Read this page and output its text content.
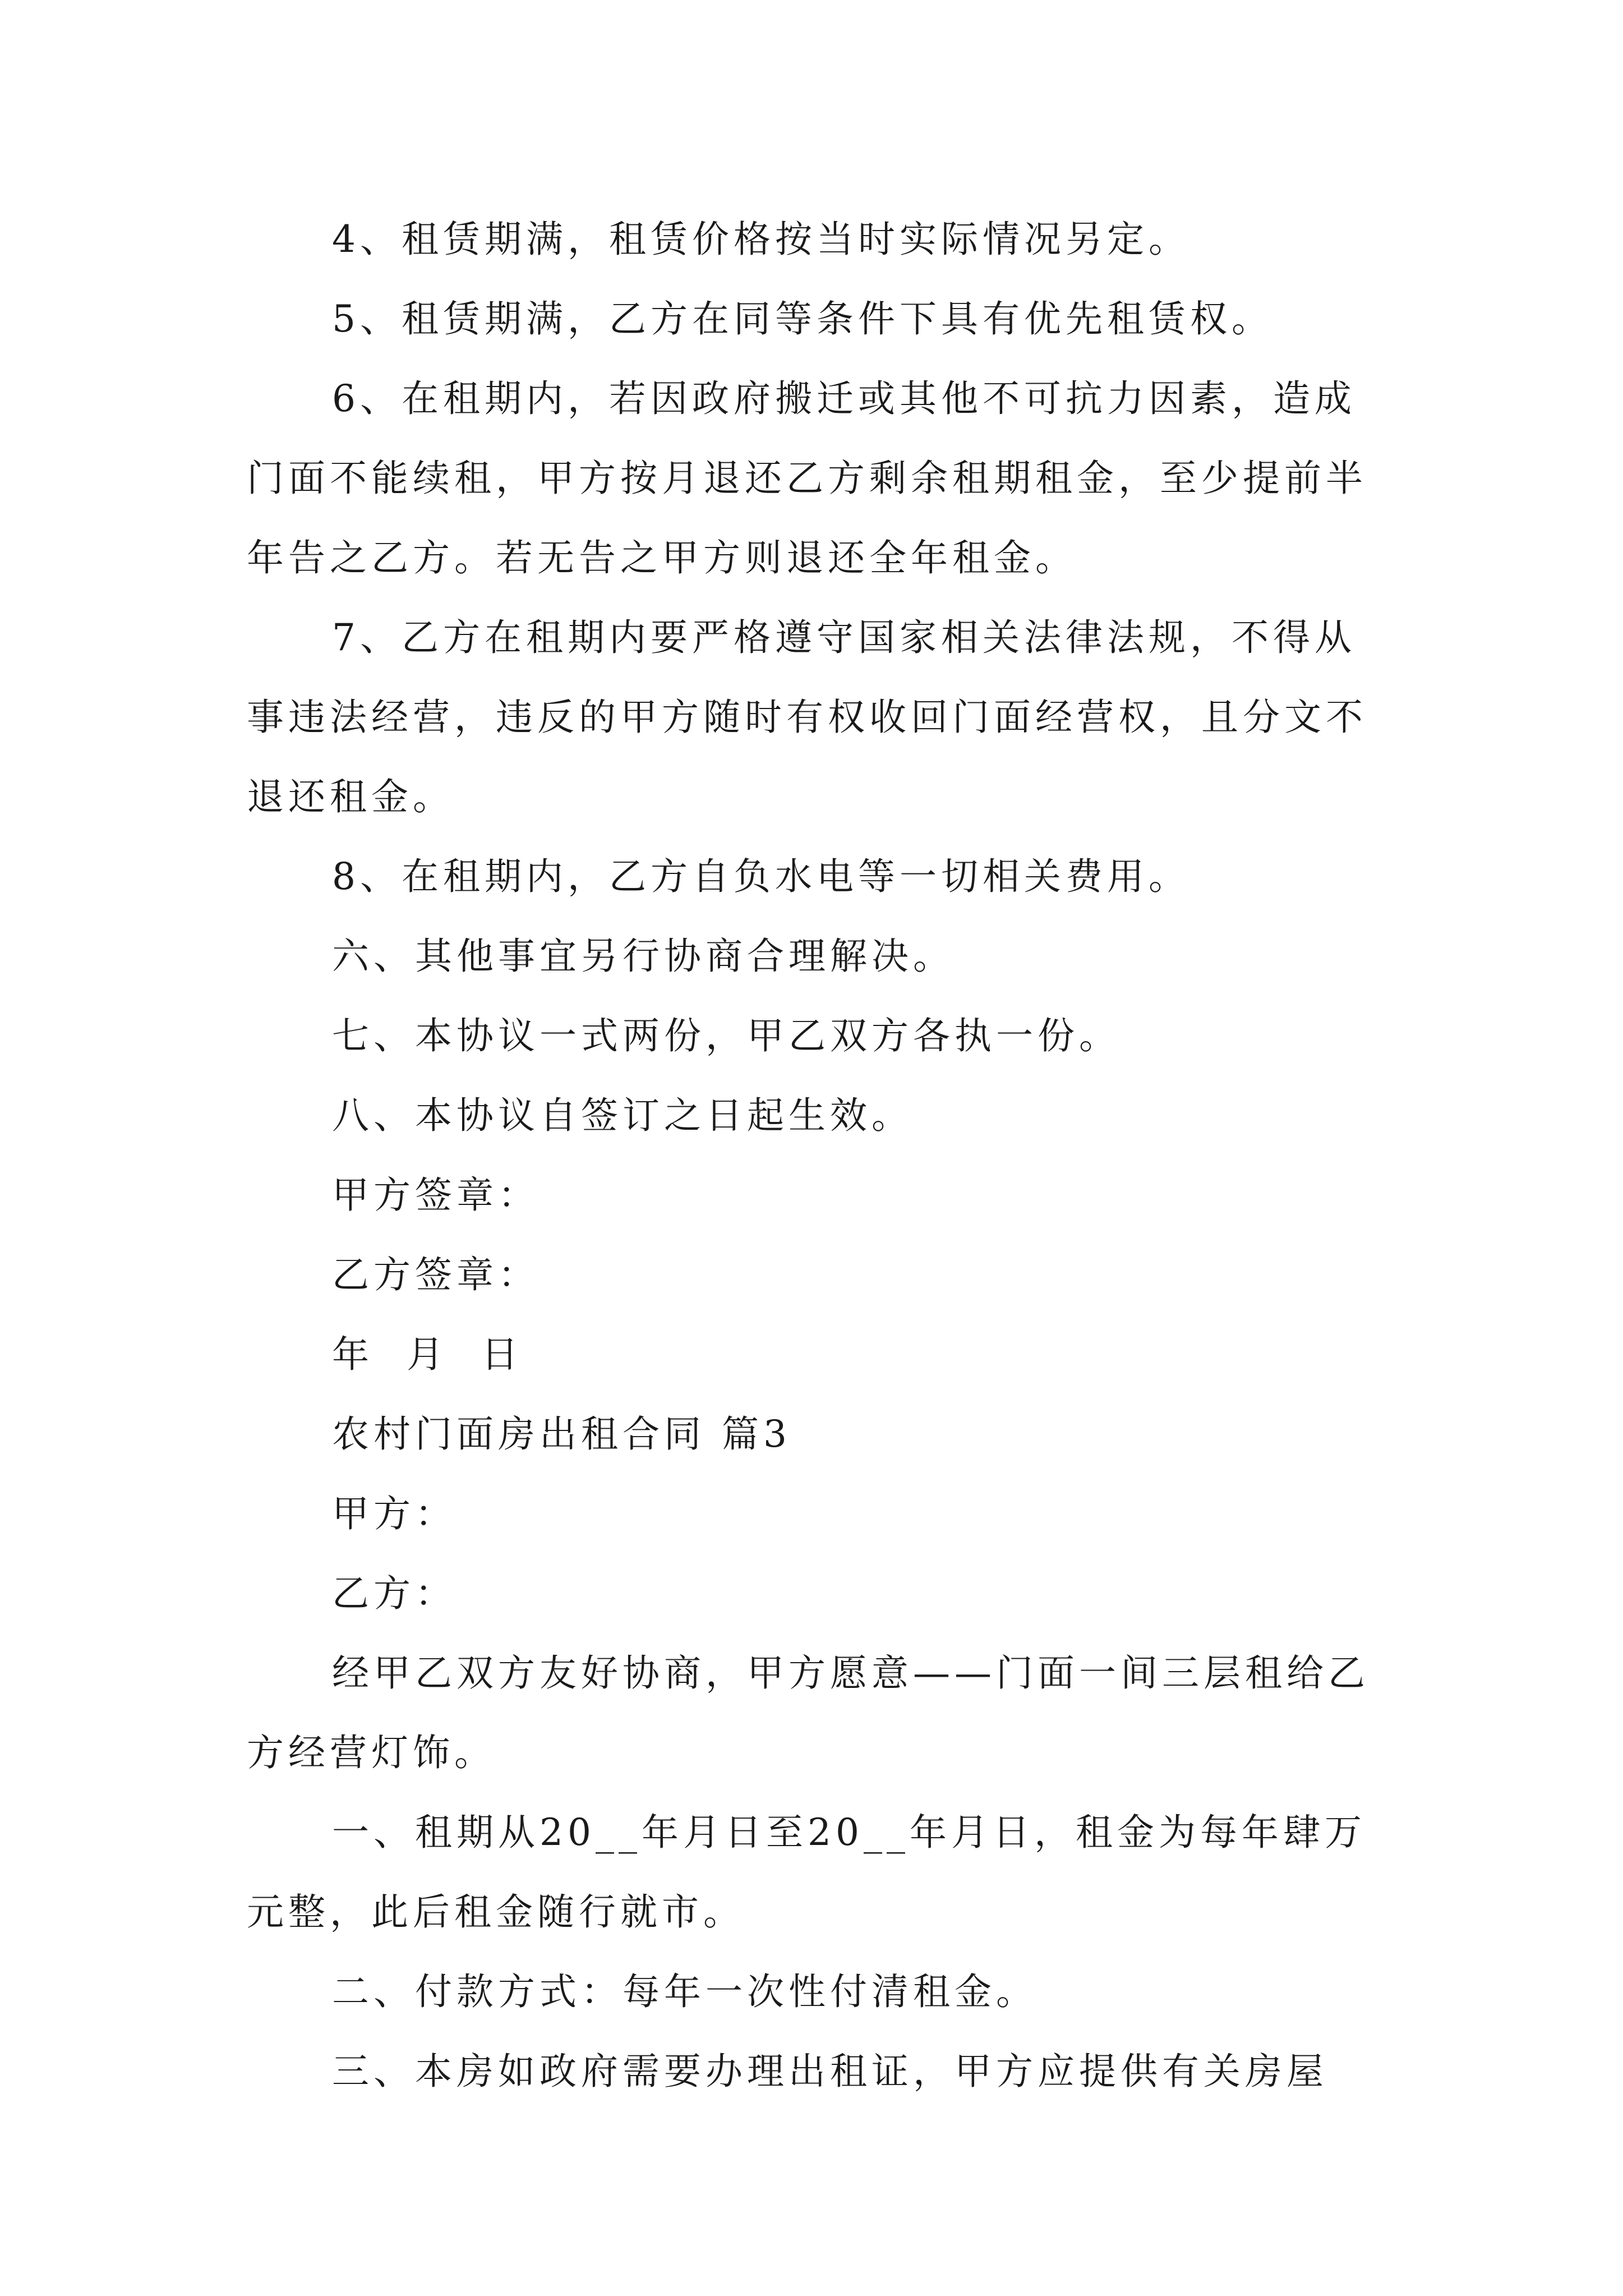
4、租赁期满，租赁价格按当时实际情况另定。

5、租赁期满，乙方在同等条件下具有优先租赁权。

6、在租期内，若因政府搬迁或其他不可抗力因素，造成门面不能续租，甲方按月退还乙方剩余租期租金，至少提前半年告之乙方。若无告之甲方则退还全年租金。

7、乙方在租期内要严格遵守国家相关法律法规，不得从事违法经营，违反的甲方随时有权收回门面经营权，且分文不退还租金。

8、在租期内，乙方自负水电等一切相关费用。

六、其他事宜另行协商合理解决。

七、本协议一式两份，甲乙双方各执一份。

八、本协议自签订之日起生效。

甲方签章：

乙方签章：

年 月 日

农村门面房出租合同 篇3

甲方：

乙方：

经甲乙双方友好协商，甲方愿意——门面一间三层租给乙方经营灯饰。

一、租期从20__年月日至20__年月日，租金为每年肆万元整，此后租金随行就市。

二、付款方式：每年一次性付清租金。

三、本房如政府需要办理出租证，甲方应提供有关房屋
